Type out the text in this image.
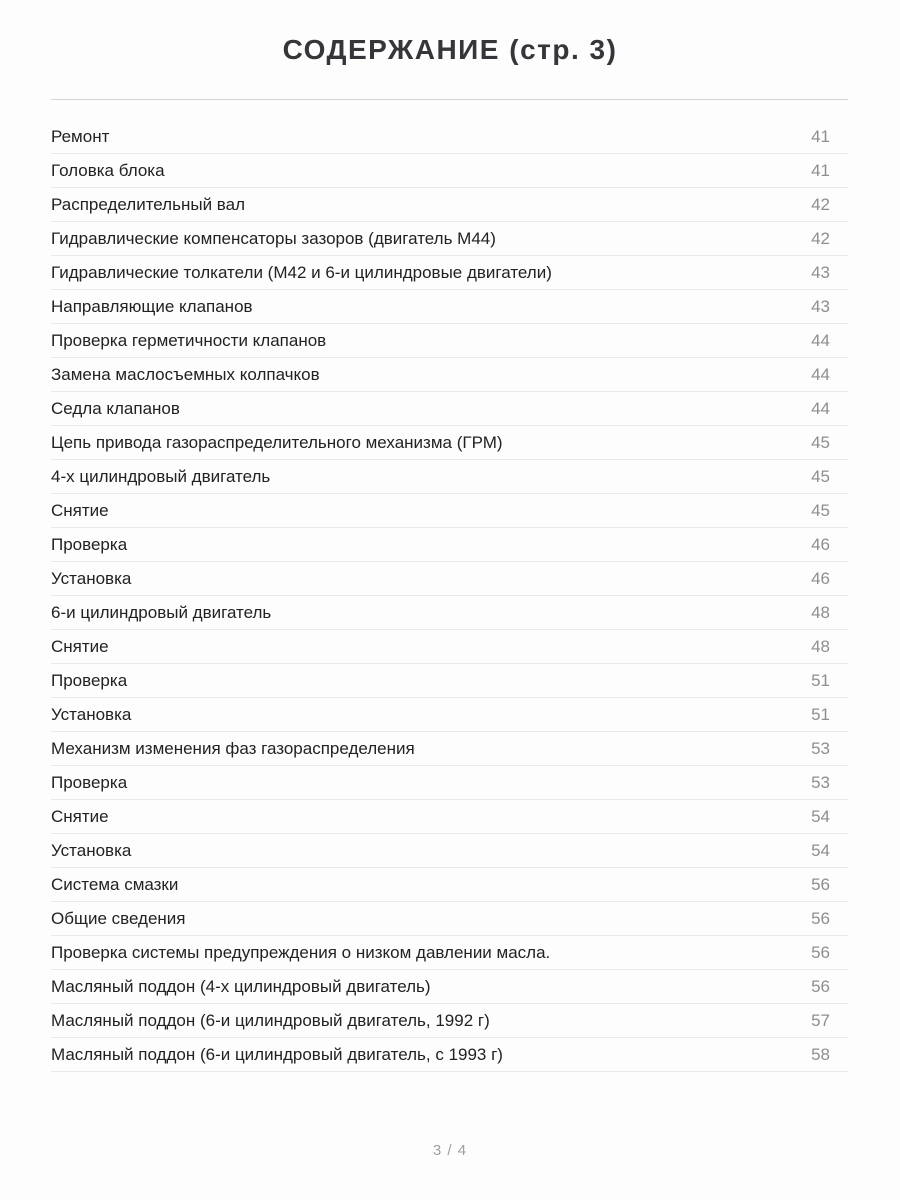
СОДЕРЖАНИЕ (стр. 3)
Ремонт	41
Головка блока	41
Распределительный вал	42
Гидравлические компенсаторы зазоров (двигатель М44)	42
Гидравлические толкатели (М42 и 6-и цилиндровые двигатели)	43
Направляющие клапанов	43
Проверка герметичности клапанов	44
Замена маслосъемных колпачков	44
Седла клапанов	44
Цепь привода газораспределительного механизма (ГРМ)	45
4-х цилиндровый двигатель	45
Снятие	45
Проверка	46
Установка	46
6-и цилиндровый двигатель	48
Снятие	48
Проверка	51
Установка	51
Механизм изменения фаз газораспределения	53
Проверка	53
Снятие	54
Установка	54
Система смазки	56
Общие сведения	56
Проверка системы предупреждения о низком давлении масла.	56
Масляный поддон (4-х цилиндровый двигатель)	56
Масляный поддон (6-и цилиндровый двигатель, 1992 г)	57
Масляный поддон (6-и цилиндровый двигатель, с 1993 г)	58
3 / 4
